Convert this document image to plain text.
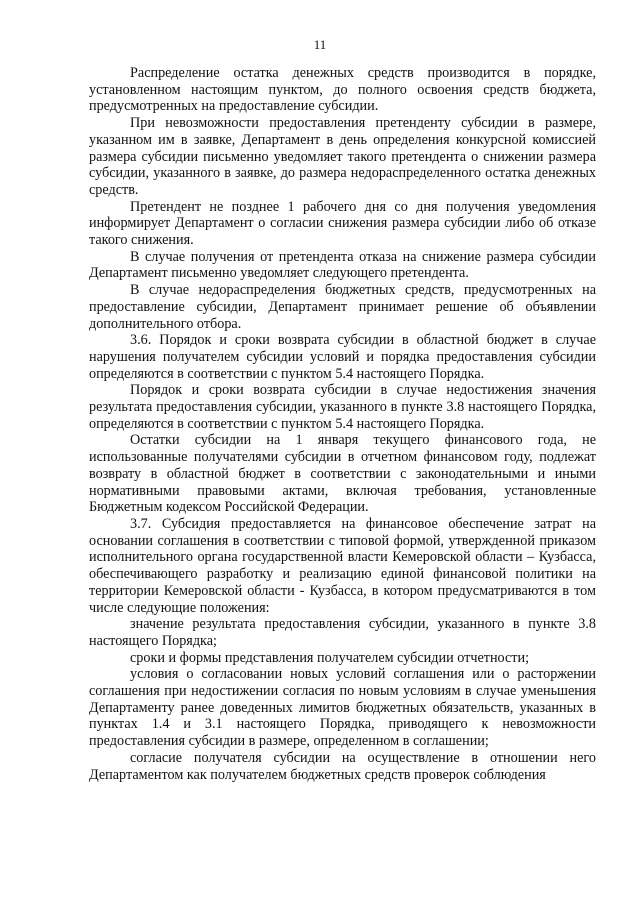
11

Распределение остатка денежных средств производится в порядке, установленном настоящим пунктом, до полного освоения средств бюджета, предусмотренных на предоставление субсидии.

При невозможности предоставления претенденту субсидии в размере, указанном им в заявке, Департамент в день определения конкурсной комиссией размера субсидии письменно уведомляет такого претендента о снижении размера субсидии, указанного в заявке, до размера недораспределенного остатка денежных средств.

Претендент не позднее 1 рабочего дня со дня получения уведомления информирует Департамент о согласии снижения размера субсидии либо об отказе такого снижения.

В случае получения от претендента отказа на снижение размера субсидии Департамент письменно уведомляет следующего претендента.

В случае недораспределения бюджетных средств, предусмотренных на предоставление субсидии, Департамент принимает решение об объявлении дополнительного отбора.

3.6. Порядок и сроки возврата субсидии в областной бюджет в случае нарушения получателем субсидии условий и порядка предоставления субсидии определяются в соответствии с пунктом 5.4 настоящего Порядка.

Порядок и сроки возврата субсидии в случае недостижения значения результата предоставления субсидии, указанного в пункте 3.8 настоящего Порядка, определяются в соответствии с пунктом 5.4 настоящего Порядка.

Остатки субсидии на 1 января текущего финансового года, не использованные получателями субсидии в отчетном финансовом году, подлежат возврату в областной бюджет в соответствии с законодательными и иными нормативными правовыми актами, включая требования, установленные Бюджетным кодексом Российской Федерации.

3.7. Субсидия предоставляется на финансовое обеспечение затрат на основании соглашения в соответствии с типовой формой, утвержденной приказом исполнительного органа государственной власти Кемеровской области – Кузбасса, обеспечивающего разработку и реализацию единой финансовой политики на территории Кемеровской области - Кузбасса, в котором предусматриваются в том числе следующие положения:

значение результата предоставления субсидии, указанного в пункте 3.8 настоящего Порядка;

сроки и формы представления получателем субсидии отчетности;

условия о согласовании новых условий соглашения или о расторжении соглашения при недостижении согласия по новым условиям в случае уменьшения Департаменту ранее доведенных лимитов бюджетных обязательств, указанных в пунктах 1.4 и 3.1 настоящего Порядка, приводящего к невозможности предоставления субсидии в размере, определенном в соглашении;

согласие получателя субсидии на осуществление в отношении него Департаментом как получателем бюджетных средств проверок соблюдения
